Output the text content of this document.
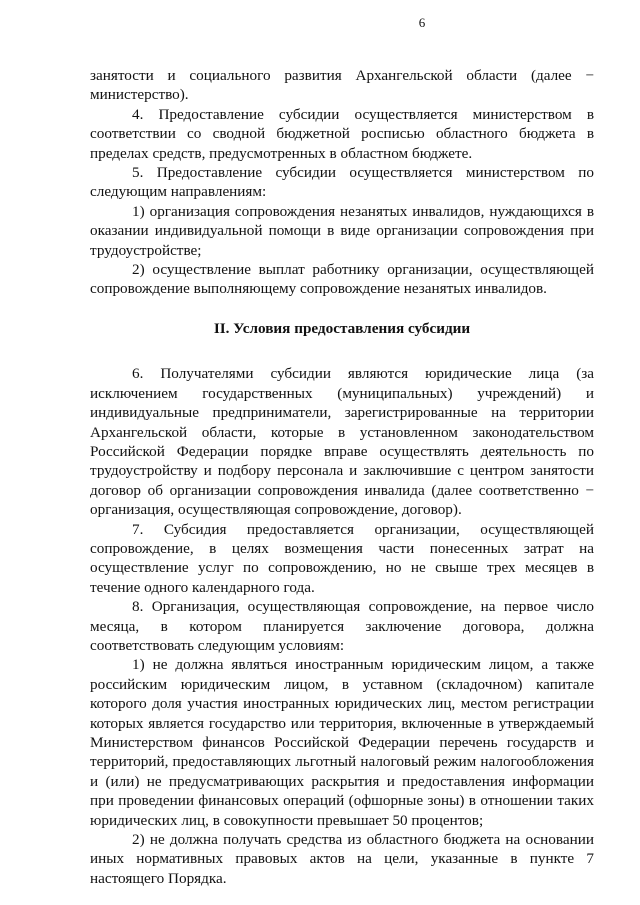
6

занятости и социального развития Архангельской области (далее − министерство).

4. Предоставление субсидии осуществляется министерством в соответствии со сводной бюджетной росписью областного бюджета в пределах средств, предусмотренных в областном бюджете.

5. Предоставление субсидии осуществляется министерством по следующим направлениям:

1) организация сопровождения незанятых инвалидов, нуждающихся в оказании индивидуальной помощи в виде организации сопровождения при трудоустройстве;

2) осуществление выплат работнику организации, осуществляющей сопровождение выполняющему сопровождение незанятых инвалидов.

II. Условия предоставления субсидии

6. Получателями субсидии являются юридические лица (за исключением государственных (муниципальных) учреждений) и индивидуальные предприниматели, зарегистрированные на территории Архангельской области, которые в установленном законодательством Российской Федерации порядке вправе осуществлять деятельность по трудоустройству и подбору персонала и заключившие с центром занятости договор об организации сопровождения инвалида (далее соответственно − организация, осуществляющая сопровождение, договор).

7. Субсидия предоставляется организации, осуществляющей сопровождение, в целях возмещения части понесенных затрат на осуществление услуг по сопровождению, но не свыше трех месяцев в течение одного календарного года.

8. Организация, осуществляющая сопровождение, на первое число месяца, в котором планируется заключение договора, должна соответствовать следующим условиям:

1) не должна являться иностранным юридическим лицом, а также российским юридическим лицом, в уставном (складочном) капитале которого доля участия иностранных юридических лиц, местом регистрации которых является государство или территория, включенные в утверждаемый Министерством финансов Российской Федерации перечень государств и территорий, предоставляющих льготный налоговый режим налогообложения и (или) не предусматривающих раскрытия и предоставления информации при проведении финансовых операций (офшорные зоны) в отношении таких юридических лиц, в совокупности превышает 50 процентов;

2) не должна получать средства из областного бюджета на основании иных нормативных правовых актов на цели, указанные в пункте 7 настоящего Порядка.
